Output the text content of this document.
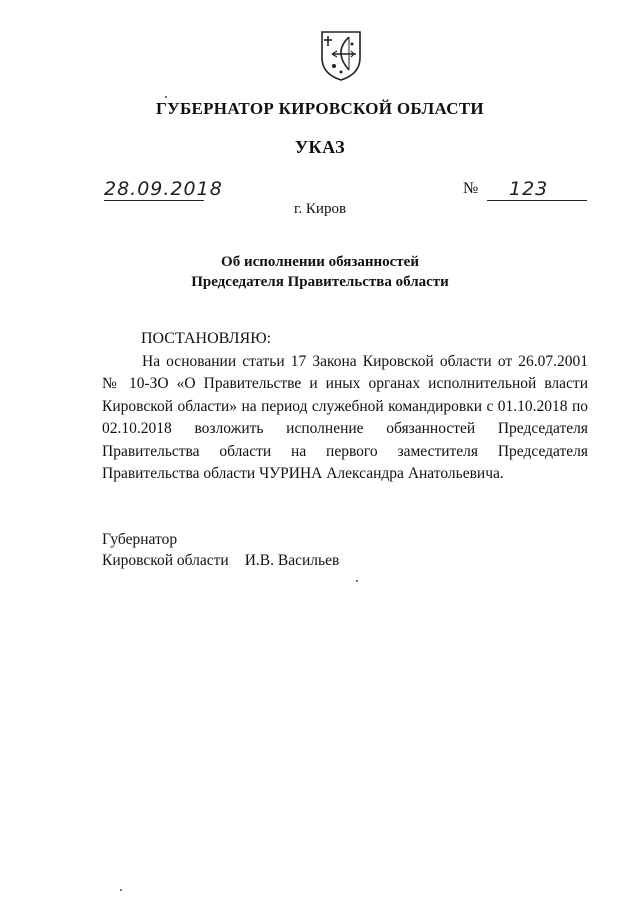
ГУБЕРНАТОР КИРОВСКОЙ ОБЛАСТИ
УКАЗ
28.09.2018	№ 123
г. Киров
Об исполнении обязанностей
Председателя Правительства области
ПОСТАНОВЛЯЮ:
На основании статьи 17 Закона Кировской области от 26.07.2001 № 10-ЗО «О Правительстве и иных органах исполнительной власти Кировской области» на период служебной командировки с 01.10.2018 по 02.10.2018 возложить исполнение обязанностей Председателя Правительства области на первого заместителя Председателя Правительства области ЧУРИНА Александра Анатольевича.
Губернатор
Кировской области И.В. Васильев
